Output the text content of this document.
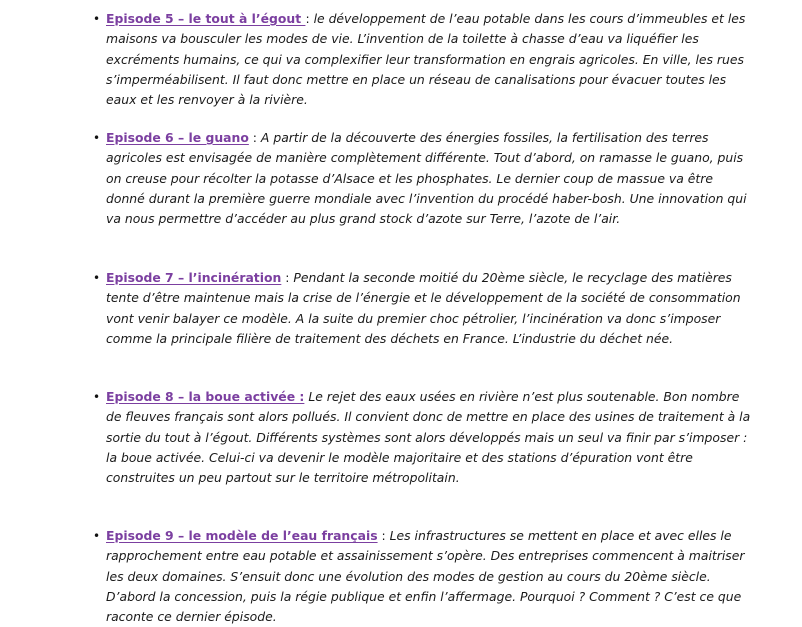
• Episode 5 – le tout à l’égout : le développement de l’eau potable dans les cours d’immeubles et les maisons va bousculer les modes de vie. L’invention de la toilette à chasse d’eau va liquéfier les excréments humains, ce qui va complexifier leur transformation en engrais agricoles. En ville, les rues s’imperméabilisent. Il faut donc mettre en place un réseau de canalisations pour évacuer toutes les eaux et les renvoyer à la rivière.
• Episode 6 – le guano : A partir de la découverte des énergies fossiles, la fertilisation des terres agricoles est envisagée de manière complètement différente. Tout d’abord, on ramasse le guano, puis on creuse pour récolter la potasse d’Alsace et les phosphates. Le dernier coup de massue va être donné durant la première guerre mondiale avec l’invention du procédé haber-bosh. Une innovation qui va nous permettre d’accéder au plus grand stock d’azote sur Terre, l’azote de l’air.
• Episode 7 – l’incinération : Pendant la seconde moitié du 20ème siècle, le recyclage des matières tente d’être maintenue mais la crise de l’énergie et le développement de la société de consommation vont venir balayer ce modèle. A la suite du premier choc pétrolier, l’incinération va donc s’imposer comme la principale filière de traitement des déchets en France. L’industrie du déchet née.
• Episode 8 – la boue activée : Le rejet des eaux usées en rivière n’est plus soutenable. Bon nombre de fleuves français sont alors pollués. Il convient donc de mettre en place des usines de traitement à la sortie du tout à l’égout. Différents systèmes sont alors développés mais un seul va finir par s’imposer : la boue activée. Celui-ci va devenir le modèle majoritaire et des stations d’épuration vont être construites un peu partout sur le territoire métropolitain.
• Episode 9 – le modèle de l’eau français : Les infrastructures se mettent en place et avec elles le rapprochement entre eau potable et assainissement s’opère. Des entreprises commencent à maitriser les deux domaines. S’ensuit donc une évolution des modes de gestion au cours du 20ème siècle. D’abord la concession, puis la régie publique et enfin l’affermage. Pourquoi ? Comment ? C’est ce que raconte ce dernier épisode.
